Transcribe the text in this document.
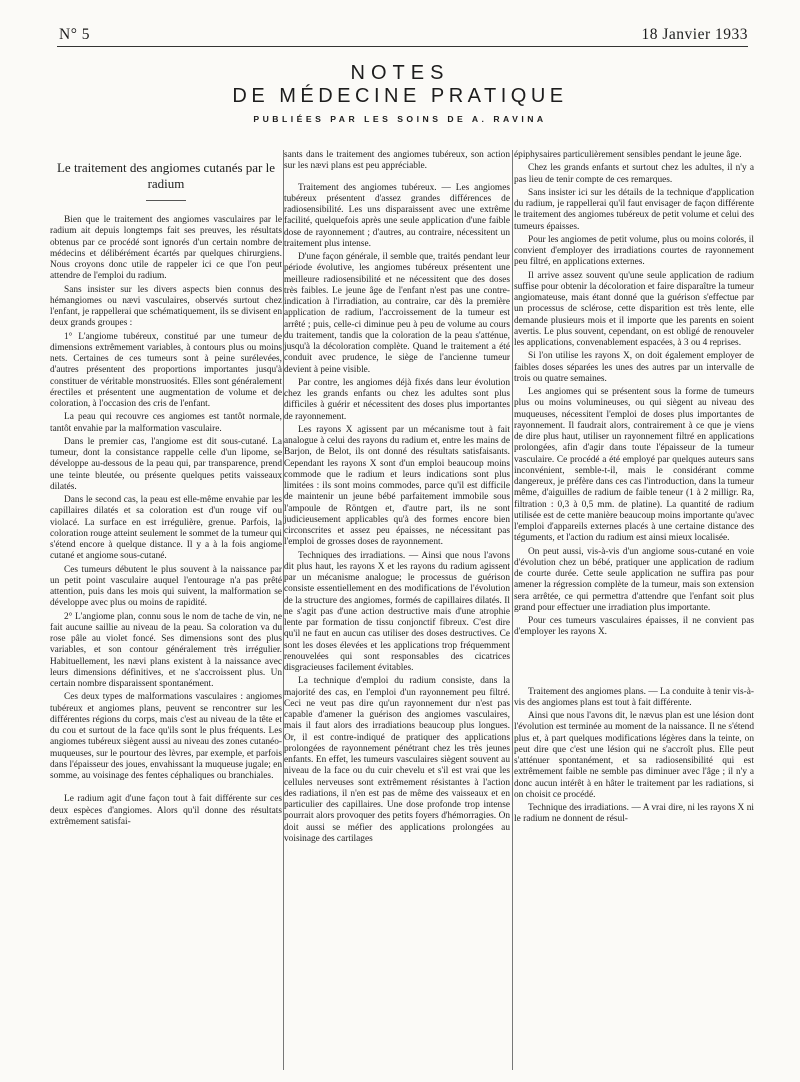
N° 5	18 Janvier 1933
NOTES
DE MÉDECINE PRATIQUE
PUBLIÉES PAR LES SOINS DE A. RAVINA
Le traitement des angiomes cutanés par le radium

Bien que le traitement des angiomes vasculaires par le radium ait depuis longtemps fait ses preuves, les résultats obtenus par ce procédé sont ignorés d'un certain nombre de médecins et délibérément écartés par quelques chirurgiens. Nous croyons donc utile de rappeler ici ce que l'on peut attendre de l'emploi du radium.

Sans insister sur les divers aspects bien connus des hémangiomes ou nævi vasculaires, observés surtout chez l'enfant, je rappellerai que schématiquement, ils se divisent en deux grands groupes :

1° L'angiome tubéreux, constitué par une tumeur de dimensions extrêmement variables, à contours plus ou moins nets. Certaines de ces tumeurs sont à peine surélevées, d'autres présentent des proportions importantes jusqu'à constituer de véritable monstruosités. Elles sont généralement érectiles et présentent une augmentation de volume et de coloration, à l'occasion des cris de l'enfant.

La peau qui recouvre ces angiomes est tantôt normale, tantôt envahie par la malformation vasculaire.

Dans le premier cas, l'angiome est dit sous-cutané. La tumeur, dont la consistance rappelle celle d'un lipome, se développe au-dessous de la peau qui, par transparence, prend une teinte bleutée, ou présente quelques petits vaisseaux dilatés.

Dans le second cas, la peau est elle-même envahie par les capillaires dilatés et sa coloration est d'un rouge vif ou violacé. La surface en est irrégulière, grenue. Parfois, la coloration rouge atteint seulement le sommet de la tumeur qui s'étend encore à quelque distance. Il y a à la fois angiome cutané et angiome sous-cutané.

Ces tumeurs débutent le plus souvent à la naissance par un petit point vasculaire auquel l'entourage n'a pas prêté attention, puis dans les mois qui suivent, la malformation se développe avec plus ou moins de rapidité.

2° L'angiome plan, connu sous le nom de tache de vin, ne fait aucune saillie au niveau de la peau. Sa coloration va du rose pâle au violet foncé. Ses dimensions sont des plus variables, et son contour généralement très irrégulier. Habituellement, les nævi plans existent à la naissance avec leurs dimensions définitives, et ne s'accroissent plus. Un certain nombre disparaissent spontanément.

Ces deux types de malformations vasculaires : angiomes tubéreux et angiomes plans, peuvent se rencontrer sur les différentes régions du corps, mais c'est au niveau de la tête et du cou et surtout de la face qu'ils sont le plus fréquents. Les angiomes tubéreux siègent aussi au niveau des zones cutanéo-muqueuses, sur le pourtour des lèvres, par exemple, et parfois dans l'épaisseur des joues, envahissant la muqueuse jugale; en somme, au voisinage des fentes céphaliques ou branchiales.

Le radium agit d'une façon tout à fait différente sur ces deux espèces d'angiomes. Alors qu'il donne des résultats extrêmement satisfai-

sants dans le traitement des angiomes tubéreux, son action sur les nævi plans est peu appréciable.

Traitement des angiomes tubéreux. — Les angiomes tubéreux présentent d'assez grandes différences de radiosensibilité. Les uns disparaissent avec une extrême facilité, quelquefois après une seule application d'une faible dose de rayonnement ; d'autres, au contraire, nécessitent un traitement plus intense.

D'une façon générale, il semble que, traités pendant leur période évolutive, les angiomes tubéreux présentent une meilleure radiosensibilité et ne nécessitent que des doses très faibles. Le jeune âge de l'enfant n'est pas une contre-indication à l'irradiation, au contraire, car dès la première application de radium, l'accroissement de la tumeur est arrêté ; puis, celle-ci diminue peu à peu de volume au cours du traitement, tandis que la coloration de la peau s'atténue, jusqu'à la décoloration complète. Quand le traitement a été conduit avec prudence, le siège de l'ancienne tumeur devient à peine visible.

Par contre, les angiomes déjà fixés dans leur évolution chez les grands enfants ou chez les adultes sont plus difficiles à guérir et nécessitent des doses plus importantes de rayonnement.

Les rayons X agissent par un mécanisme tout à fait analogue à celui des rayons du radium et, entre les mains de Barjon, de Belot, ils ont donné des résultats satisfaisants. Cependant les rayons X sont d'un emploi beaucoup moins commode que le radium et leurs indications sont plus limitées : ils sont moins commodes, parce qu'il est difficile de maintenir un jeune bébé parfaitement immobile sous l'ampoule de Röntgen et, d'autre part, ils ne sont judicieusement applicables qu'à des formes encore bien circonscrites et assez peu épaisses, ne nécessitant pas l'emploi de grosses doses de rayonnement.

Techniques des irradiations. — Ainsi que nous l'avons dit plus haut, les rayons X et les rayons du radium agissent par un mécanisme analogue; le processus de guérison consiste essentiellement en des modifications de l'évolution de la structure des angiomes, formés de capillaires dilatés. Il ne s'agit pas d'une action destructive mais d'une atrophie lente par formation de tissu conjonctif fibreux. C'est dire qu'il ne faut en aucun cas utiliser des doses destructives. Ce sont les doses élevées et les applications trop fréquemment renouvelées qui sont responsables des cicatrices disgracieuses facilement évitables.

La technique d'emploi du radium consiste, dans la majorité des cas, en l'emploi d'un rayonnement peu filtré. Ceci ne veut pas dire qu'un rayonnement dur n'est pas capable d'amener la guérison des angiomes vasculaires, mais il faut alors des irradiations beaucoup plus longues. Or, il est contre-indiqué de pratiquer des applications prolongées de rayonnement pénétrant chez les très jeunes enfants. En effet, les tumeurs vasculaires siègent souvent au niveau de la face ou du cuir chevelu et s'il est vrai que les cellules nerveuses sont extrêmement résistantes à l'action des radiations, il n'en est pas de même des vaisseaux et en particulier des capillaires. Une dose profonde trop intense pourrait alors provoquer des petits foyers d'hémorragies. On doit aussi se méfier des applications prolongées au voisinage des cartilages

épiphysaires particulièrement sensibles pendant le jeune âge.

Chez les grands enfants et surtout chez les adultes, il n'y a pas lieu de tenir compte de ces remarques.

Sans insister ici sur les détails de la technique d'application du radium, je rappellerai qu'il faut envisager de façon différente le traitement des angiomes tubéreux de petit volume et celui des tumeurs épaisses.

Pour les angiomes de petit volume, plus ou moins colorés, il convient d'employer des irradiations courtes de rayonnement peu filtré, en applications externes.

Il arrive assez souvent qu'une seule application de radium suffise pour obtenir la décoloration et faire disparaître la tumeur angiomateuse, mais étant donné que la guérison s'effectue par un processus de sclérose, cette disparition est très lente, elle demande plusieurs mois et il importe que les parents en soient avertis. Le plus souvent, cependant, on est obligé de renouveler les applications, convenablement espacées, à 3 ou 4 reprises.

Si l'on utilise les rayons X, on doit également employer de faibles doses séparées les unes des autres par un intervalle de trois ou quatre semaines.

Les angiomes qui se présentent sous la forme de tumeurs plus ou moins volumineuses, ou qui siègent au niveau des muqueuses, nécessitent l'emploi de doses plus importantes de rayonnement. Il faudrait alors, contrairement à ce que je viens de dire plus haut, utiliser un rayonnement filtré en applications prolongées, afin d'agir dans toute l'épaisseur de la tumeur vasculaire. Ce procédé a été employé par quelques auteurs sans inconvénient, semble-t-il, mais le considérant comme dangereux, je préfère dans ces cas l'introduction, dans la tumeur même, d'aiguilles de radium de faible teneur (1 à 2 milligr. Ra, filtration : 0,3 à 0,5 mm. de platine). La quantité de radium utilisée est de cette manière beaucoup moins importante qu'avec l'emploi d'appareils externes placés à une certaine distance des téguments, et l'action du radium est ainsi mieux localisée.

On peut aussi, vis-à-vis d'un angiome sous-cutané en voie d'évolution chez un bébé, pratiquer une application de radium de courte durée. Cette seule application ne suffira pas pour amener la régression complète de la tumeur, mais son extension sera arrêtée, ce qui permettra d'attendre que l'enfant soit plus grand pour effectuer une irradiation plus importante.

Pour ces tumeurs vasculaires épaisses, il ne convient pas d'employer les rayons X.

Traitement des angiomes plans. — La conduite à tenir vis-à-vis des angiomes plans est tout à fait différente.

Ainsi que nous l'avons dit, le nævus plan est une lésion dont l'évolution est terminée au moment de la naissance. Il ne s'étend plus et, à part quelques modifications légères dans la teinte, on peut dire que c'est une lésion qui ne s'accroît plus. Elle peut s'atténuer spontanément, et sa radiosensibilité qui est extrêmement faible ne semble pas diminuer avec l'âge ; il n'y a donc aucun intérêt à en hâter le traitement par les radiations, si on choisit ce procédé.

Technique des irradiations. — A vrai dire, ni les rayons X ni le radium ne donnent de résul-
